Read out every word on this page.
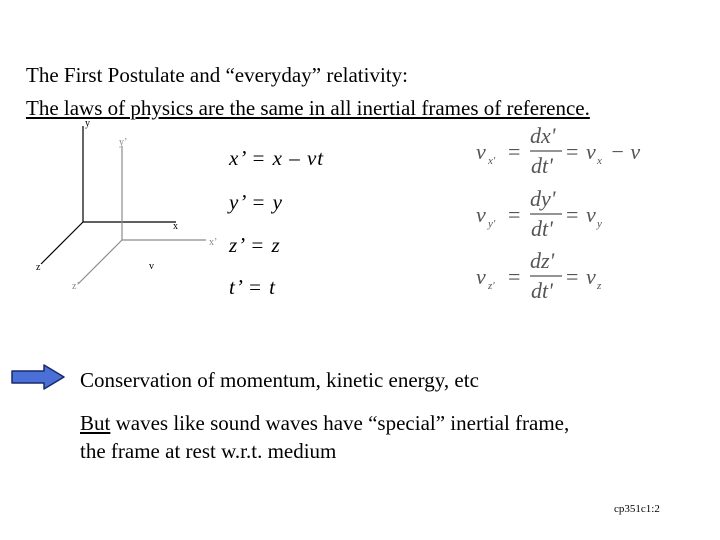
The First Postulate and “everyday” relativity:
The laws of physics are the same in all inertial frames of reference.
y
y’
x
x’
z
z’
v
x’ = x – vt
y’ = y
z’ = z
t’ = t
v x' =
dx'
dt'
= v x − v
v y' =
dy'
dt'
= v y
v z' =
dz'
dt'
= v z
Conservation of momentum, kinetic energy, etc
But waves like sound waves have “special” inertial frame,
the frame at rest w.r.t. medium
cp351c1:2
